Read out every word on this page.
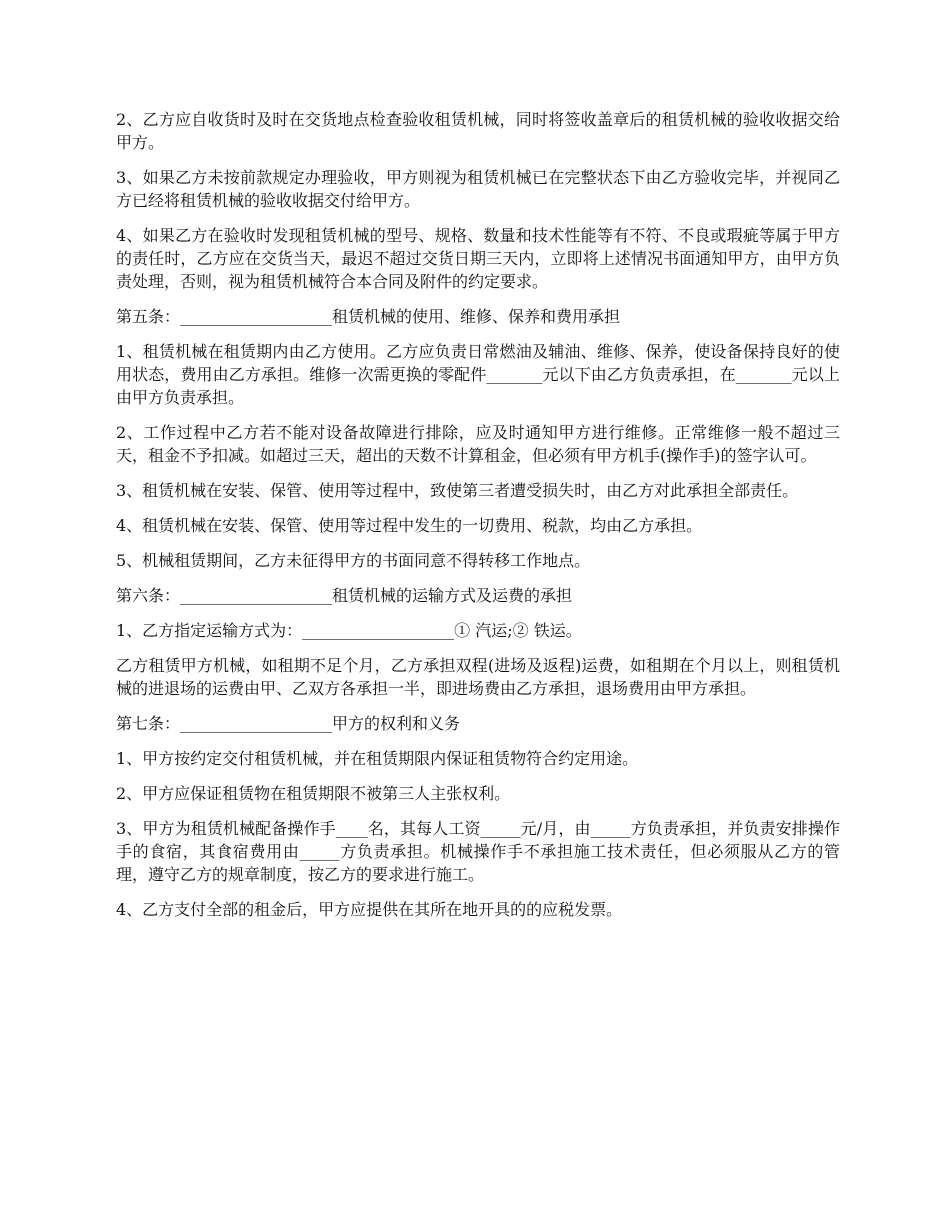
2、乙方应自收货时及时在交货地点检查验收租赁机械，同时将签收盖章后的租赁机械的验收收据交给甲方。

3、如果乙方未按前款规定办理验收，甲方则视为租赁机械已在完整状态下由乙方验收完毕，并视同乙方已经将租赁机械的验收收据交付给甲方。

4、如果乙方在验收时发现租赁机械的型号、规格、数量和技术性能等有不符、不良或瑕疵等属于甲方的责任时，乙方应在交货当天，最迟不超过交货日期三天内，立即将上述情况书面通知甲方，由甲方负责处理，否则，视为租赁机械符合本合同及附件的约定要求。

第五条：___________________租赁机械的使用、维修、保养和费用承担

1、租赁机械在租赁期内由乙方使用。乙方应负责日常燃油及辅油、维修、保养，使设备保持良好的使用状态，费用由乙方承担。维修一次需更换的零配件_______元以下由乙方负责承担，在_______元以上由甲方负责承担。

2、工作过程中乙方若不能对设备故障进行排除，应及时通知甲方进行维修。正常维修一般不超过三天，租金不予扣减。如超过三天，超出的天数不计算租金，但必须有甲方机手(操作手)的签字认可。

3、租赁机械在安装、保管、使用等过程中，致使第三者遭受损失时，由乙方对此承担全部责任。

4、租赁机械在安装、保管、使用等过程中发生的一切费用、税款，均由乙方承担。

5、机械租赁期间，乙方未征得甲方的书面同意不得转移工作地点。

第六条：___________________租赁机械的运输方式及运费的承担

1、乙方指定运输方式为：___________________① 汽运;② 铁运。

乙方租赁甲方机械，如租期不足个月，乙方承担双程(进场及返程)运费，如租期在个月以上，则租赁机械的进退场的运费由甲、乙双方各承担一半，即进场费由乙方承担，退场费用由甲方承担。

第七条：___________________甲方的权利和义务

1、甲方按约定交付租赁机械，并在租赁期限内保证租赁物符合约定用途。

2、甲方应保证租赁物在租赁期限不被第三人主张权利。

3、甲方为租赁机械配备操作手____名，其每人工资_____元/月，由_____方负责承担，并负责安排操作手的食宿，其食宿费用由_____方负责承担。机械操作手不承担施工技术责任，但必须服从乙方的管理，遵守乙方的规章制度，按乙方的要求进行施工。

4、乙方支付全部的租金后，甲方应提供在其所在地开具的的应税发票。
